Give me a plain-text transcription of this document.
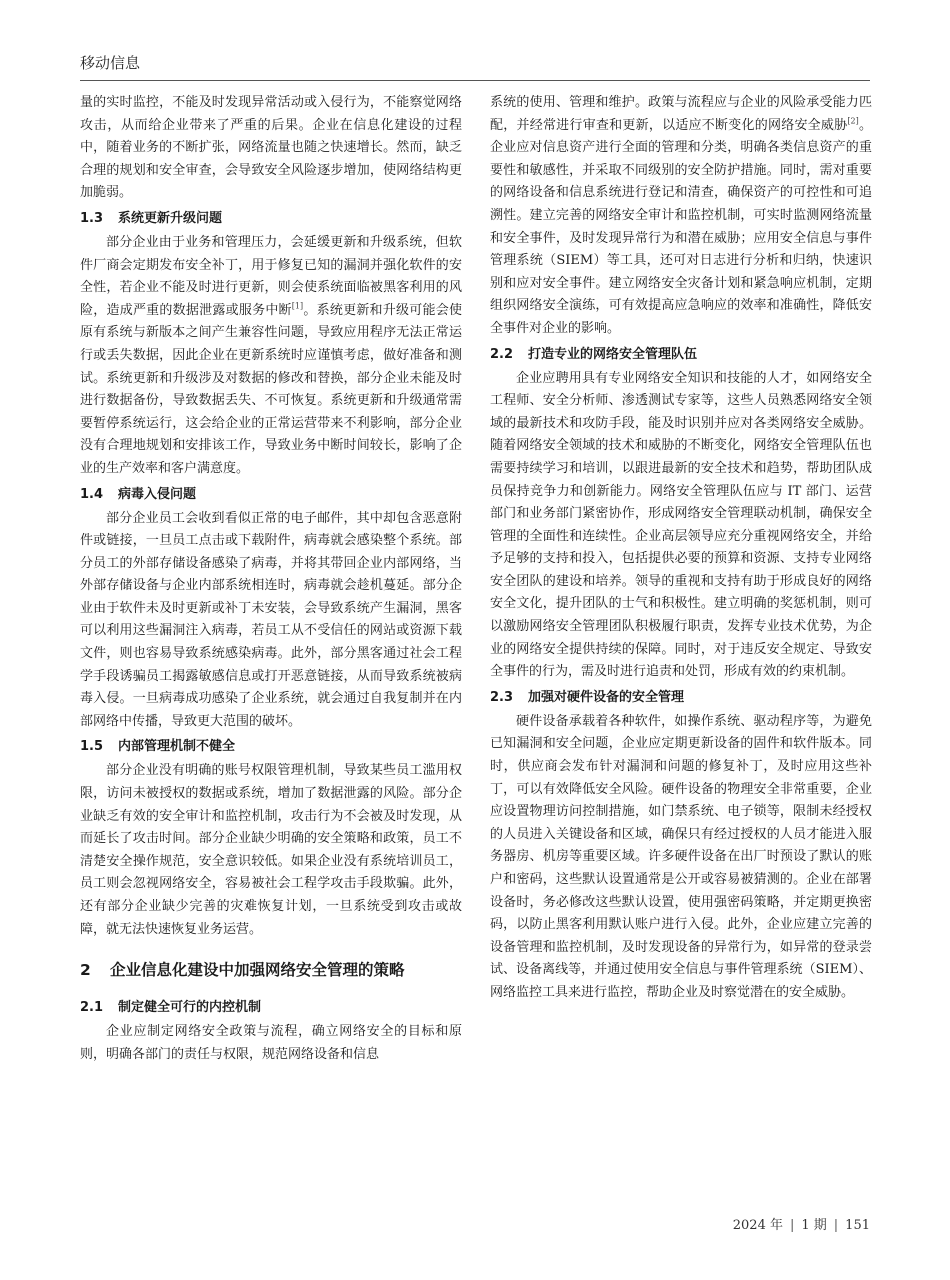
移动信息

量的实时监控，不能及时发现异常活动或入侵行为，不能察觉网络攻击，从而给企业带来了严重的后果。企业在信息化建设的过程中，随着业务的不断扩张，网络流量也随之快速增长。然而，缺乏合理的规划和安全审查，会导致安全风险逐步增加，使网络结构更加脆弱。

1.3 系统更新升级问题

部分企业由于业务和管理压力，会延缓更新和升级系统，但软件厂商会定期发布安全补丁，用于修复已知的漏洞并强化软件的安全性，若企业不能及时进行更新，则会使系统面临被黑客利用的风险，造成严重的数据泄露或服务中断[1]。系统更新和升级可能会使原有系统与新版本之间产生兼容性问题，导致应用程序无法正常运行或丢失数据，因此企业在更新系统时应谨慎考虑，做好准备和测试。系统更新和升级涉及对数据的修改和替换，部分企业未能及时进行数据备份，导致数据丢失、不可恢复。系统更新和升级通常需要暂停系统运行，这会给企业的正常运营带来不利影响，部分企业没有合理地规划和安排该工作，导致业务中断时间较长，影响了企业的生产效率和客户满意度。

1.4 病毒入侵问题

部分企业员工会收到看似正常的电子邮件，其中却包含恶意附件或链接，一旦员工点击或下载附件，病毒就会感染整个系统。部分员工的外部存储设备感染了病毒，并将其带回企业内部网络，当外部存储设备与企业内部系统相连时，病毒就会趁机蔓延。部分企业由于软件未及时更新或补丁未安装，会导致系统产生漏洞，黑客可以利用这些漏洞注入病毒，若员工从不受信任的网站或资源下载文件，则也容易导致系统感染病毒。此外，部分黑客通过社会工程学手段诱骗员工揭露敏感信息或打开恶意链接，从而导致系统被病毒入侵。一旦病毒成功感染了企业系统，就会通过自我复制并在内部网络中传播，导致更大范围的破坏。

1.5 内部管理机制不健全

部分企业没有明确的账号权限管理机制，导致某些员工滥用权限，访问未被授权的数据或系统，增加了数据泄露的风险。部分企业缺乏有效的安全审计和监控机制，攻击行为不会被及时发现，从而延长了攻击时间。部分企业缺少明确的安全策略和政策，员工不清楚安全操作规范，安全意识较低。如果企业没有系统培训员工，员工则会忽视网络安全，容易被社会工程学攻击手段欺骗。此外，还有部分企业缺少完善的灾难恢复计划，一旦系统受到攻击或故障，就无法快速恢复业务运营。

2 企业信息化建设中加强网络安全管理的策略
2.1 制定健全可行的内控机制

企业应制定网络安全政策与流程，确立网络安全的目标和原则，明确各部门的责任与权限，规范网络设备和信息

系统的使用、管理和维护。政策与流程应与企业的风险承受能力匹配，并经常进行审查和更新，以适应不断变化的网络安全威胁[2]。企业应对信息资产进行全面的管理和分类，明确各类信息资产的重要性和敏感性，并采取不同级别的安全防护措施。同时，需对重要的网络设备和信息系统进行登记和清查，确保资产的可控性和可追溯性。建立完善的网络安全审计和监控机制，可实时监测网络流量和安全事件，及时发现异常行为和潜在威胁；应用安全信息与事件管理系统（SIEM）等工具，还可对日志进行分析和归纳，快速识别和应对安全事件。建立网络安全灾备计划和紧急响应机制，定期组织网络安全演练，可有效提高应急响应的效率和准确性，降低安全事件对企业的影响。

2.2 打造专业的网络安全管理队伍

企业应聘用具有专业网络安全知识和技能的人才，如网络安全工程师、安全分析师、渗透测试专家等，这些人员熟悉网络安全领域的最新技术和攻防手段，能及时识别并应对各类网络安全威胁。随着网络安全领域的技术和威胁的不断变化，网络安全管理队伍也需要持续学习和培训，以跟进最新的安全技术和趋势，帮助团队成员保持竞争力和创新能力。网络安全管理队伍应与 IT 部门、运营部门和业务部门紧密协作，形成网络安全管理联动机制，确保安全管理的全面性和连续性。企业高层领导应充分重视网络安全，并给予足够的支持和投入，包括提供必要的预算和资源、支持专业网络安全团队的建设和培养。领导的重视和支持有助于形成良好的网络安全文化，提升团队的士气和积极性。建立明确的奖惩机制，则可以激励网络安全管理团队积极履行职责，发挥专业技术优势，为企业的网络安全提供持续的保障。同时，对于违反安全规定、导致安全事件的行为，需及时进行追责和处罚，形成有效的约束机制。

2.3 加强对硬件设备的安全管理

硬件设备承载着各种软件，如操作系统、驱动程序等，为避免已知漏洞和安全问题，企业应定期更新设备的固件和软件版本。同时，供应商会发布针对漏洞和问题的修复补丁，及时应用这些补丁，可以有效降低安全风险。硬件设备的物理安全非常重要，企业应设置物理访问控制措施，如门禁系统、电子锁等，限制未经授权的人员进入关键设备和区域，确保只有经过授权的人员才能进入服务器房、机房等重要区域。许多硬件设备在出厂时预设了默认的账户和密码，这些默认设置通常是公开或容易被猜测的。企业在部署设备时，务必修改这些默认设置，使用强密码策略，并定期更换密码，以防止黑客利用默认账户进行入侵。此外，企业应建立完善的设备管理和监控机制，及时发现设备的异常行为，如异常的登录尝试、设备离线等，并通过使用安全信息与事件管理系统（SIEM）、网络监控工具来进行监控，帮助企业及时察觉潜在的安全威胁。

2024 年 | 1 期 | 151
